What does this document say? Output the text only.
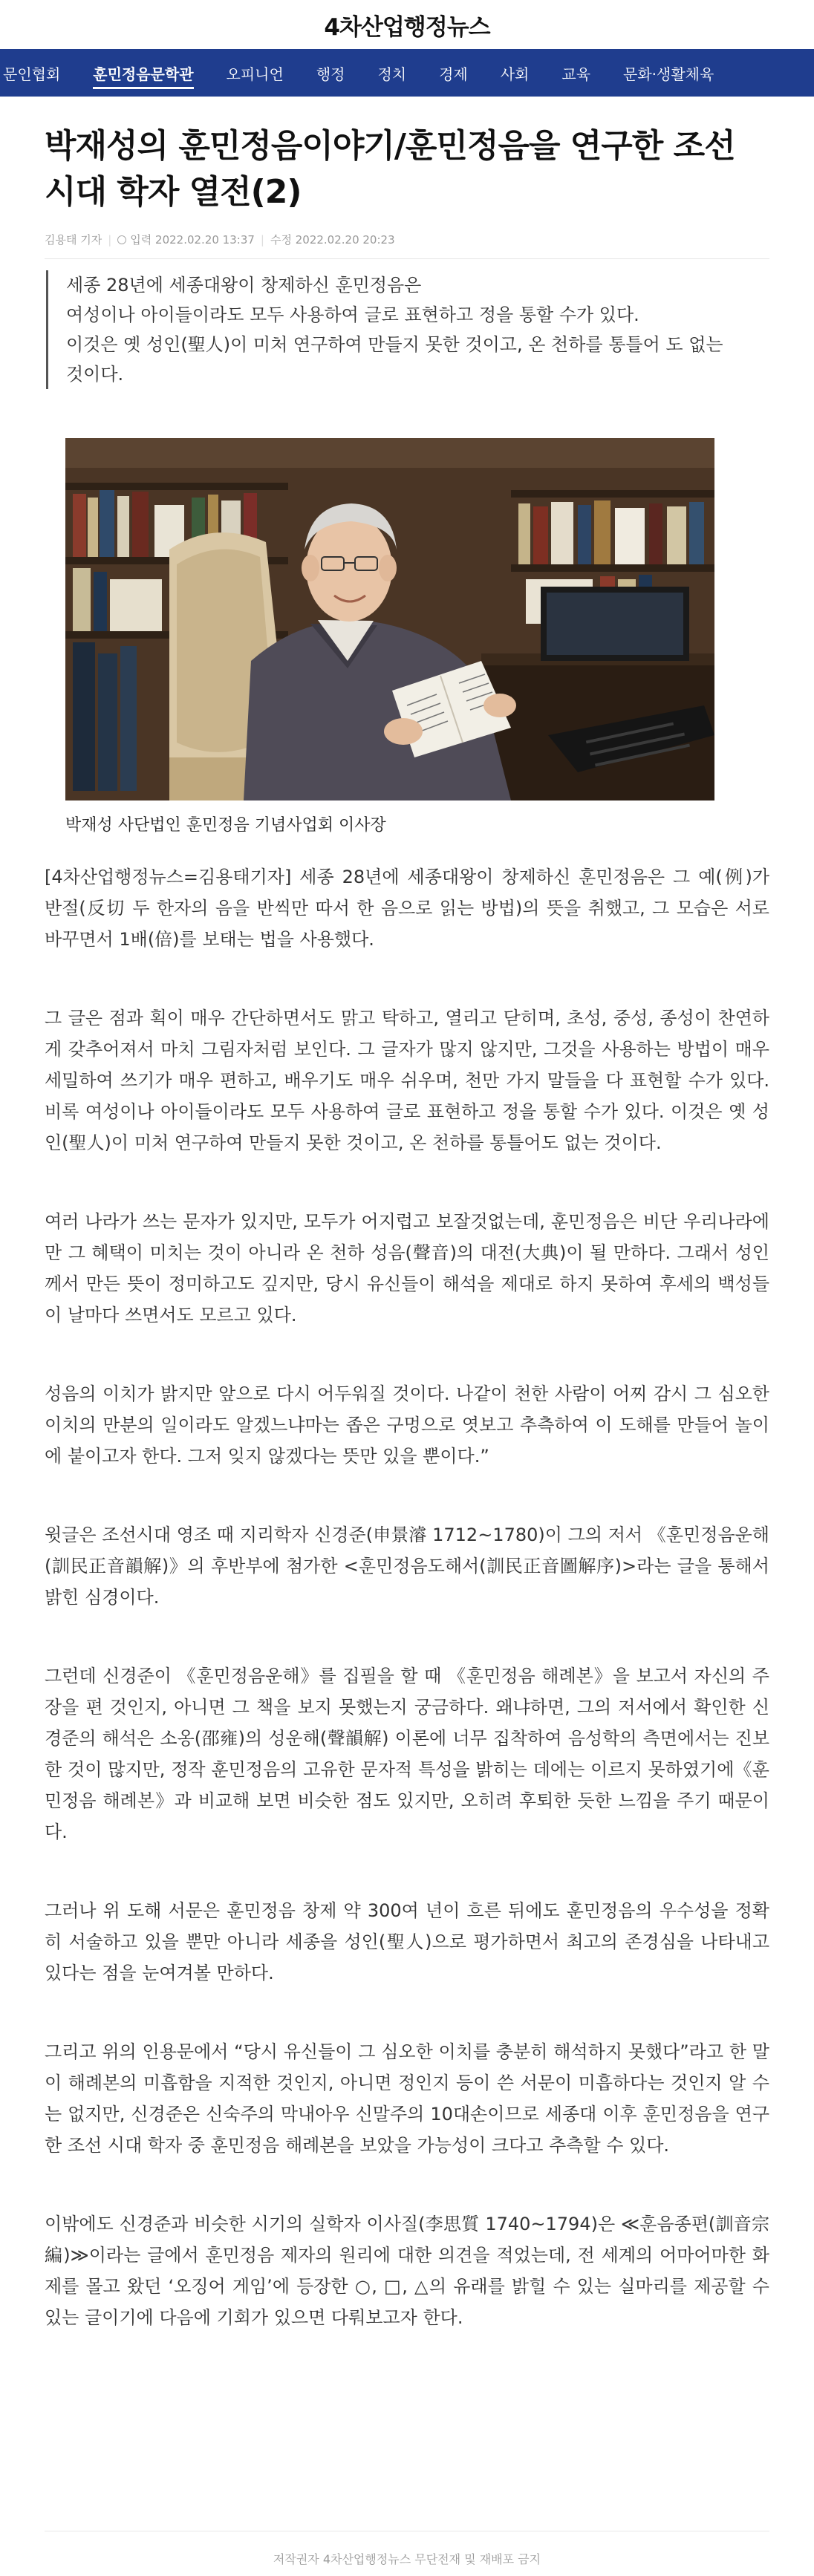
4차산업행정뉴스
문인협회	훈민정음문학관	오피니언	행정	정치	경제	사회	교육	문화·생활체육
박재성의 훈민정음이야기/훈민정음을 연구한 조선 시대 학자 열전(2)
김용태 기자 | 입력 2022.02.20 13:37 | 수정 2022.02.20 20:23

세종 28년에 세종대왕이 창제하신 훈민정음은

여성이나 아이들이라도 모두 사용하여 글로 표현하고 정을 통할 수가 있다.

이것은 옛 성인(聖人)이 미처 연구하여 만들지 못한 것이고, 온 천하를 통틀어 도 없는 것이다.

박재성 사단법인 훈민정음 기념사업회 이사장

[4차산업행정뉴스=김용태기자] 세종 28년에 세종대왕이 창제하신 훈민정음은 그 예(例)가 반절(反切 두 한자의 음을 반씩만 따서 한 음으로 읽는 방법)의 뜻을 취했고, 그 모습은 서로 바꾸면서 1배(倍)를 보태는 법을 사용했다.

그 글은 점과 획이 매우 간단하면서도 맑고 탁하고, 열리고 닫히며, 초성, 중성, 종성이 찬연하게 갖추어져서 마치 그림자처럼 보인다. 그 글자가 많지 않지만, 그것을 사용하는 방법이 매우 세밀하여 쓰기가 매우 편하고, 배우기도 매우 쉬우며, 천만 가지 말들을 다 표현할 수가 있다. 비록 여성이나 아이들이라도 모두 사용하여 글로 표현하고 정을 통할 수가 있다. 이것은 옛 성인(聖人)이 미처 연구하여 만들지 못한 것이고, 온 천하를 통틀어도 없는 것이다.

여러 나라가 쓰는 문자가 있지만, 모두가 어지럽고 보잘것없는데, 훈민정음은 비단 우리나라에만 그 혜택이 미치는 것이 아니라 온 천하 성음(聲音)의 대전(大典)이 될 만하다. 그래서 성인께서 만든 뜻이 정미하고도 깊지만, 당시 유신들이 해석을 제대로 하지 못하여 후세의 백성들이 날마다 쓰면서도 모르고 있다.

성음의 이치가 밝지만 앞으로 다시 어두워질 것이다. 나같이 천한 사람이 어찌 감시 그 심오한 이치의 만분의 일이라도 알겠느냐마는 좁은 구멍으로 엿보고 추측하여 이 도해를 만들어 놀이에 붙이고자 한다. 그저 잊지 않겠다는 뜻만 있을 뿐이다.”

윗글은 조선시대 영조 때 지리학자 신경준(申景濬 1712~1780)이 그의 저서 《훈민정음운해(訓民正音韻解)》의 후반부에 첨가한 <훈민정음도해서(訓民正音圖解序)>라는 글을 통해서 밝힌 심경이다.

그런데 신경준이 《훈민정음운해》를 집필을 할 때 《훈민정음 해례본》을 보고서 자신의 주장을 편 것인지, 아니면 그 책을 보지 못했는지 궁금하다. 왜냐하면, 그의 저서에서 확인한 신경준의 해석은 소옹(邵雍)의 성운해(聲韻解) 이론에 너무 집착하여 음성학의 측면에서는 진보한 것이 많지만, 정작 훈민정음의 고유한 문자적 특성을 밝히는 데에는 이르지 못하였기에《훈민정음 해례본》과 비교해 보면 비슷한 점도 있지만, 오히려 후퇴한 듯한 느낌을 주기 때문이다.

그러나 위 도해 서문은 훈민정음 창제 약 300여 년이 흐른 뒤에도 훈민정음의 우수성을 정확히 서술하고 있을 뿐만 아니라 세종을 성인(聖人)으로 평가하면서 최고의 존경심을 나타내고 있다는 점을 눈여겨볼 만하다.

그리고 위의 인용문에서 “당시 유신들이 그 심오한 이치를 충분히 해석하지 못했다”라고 한 말이 해례본의 미흡함을 지적한 것인지, 아니면 정인지 등이 쓴 서문이 미흡하다는 것인지 알 수는 없지만, 신경준은 신숙주의 막내아우 신말주의 10대손이므로 세종대 이후 훈민정음을 연구한 조선 시대 학자 중 훈민정음 해례본을 보았을 가능성이 크다고 추측할 수 있다.

이밖에도 신경준과 비슷한 시기의 실학자 이사질(李思質 1740~1794)은 ≪훈음종편(訓音宗編)≫이라는 글에서 훈민정음 제자의 원리에 대한 의견을 적었는데, 전 세계의 어마어마한 화제를 몰고 왔던 ‘오징어 게임’에 등장한 ○, □, △의 유래를 밝힐 수 있는 실마리를 제공할 수 있는 글이기에 다음에 기회가 있으면 다뤄보고자 한다.

저작권자 4차산업행정뉴스 무단전재 및 재배포 금지
